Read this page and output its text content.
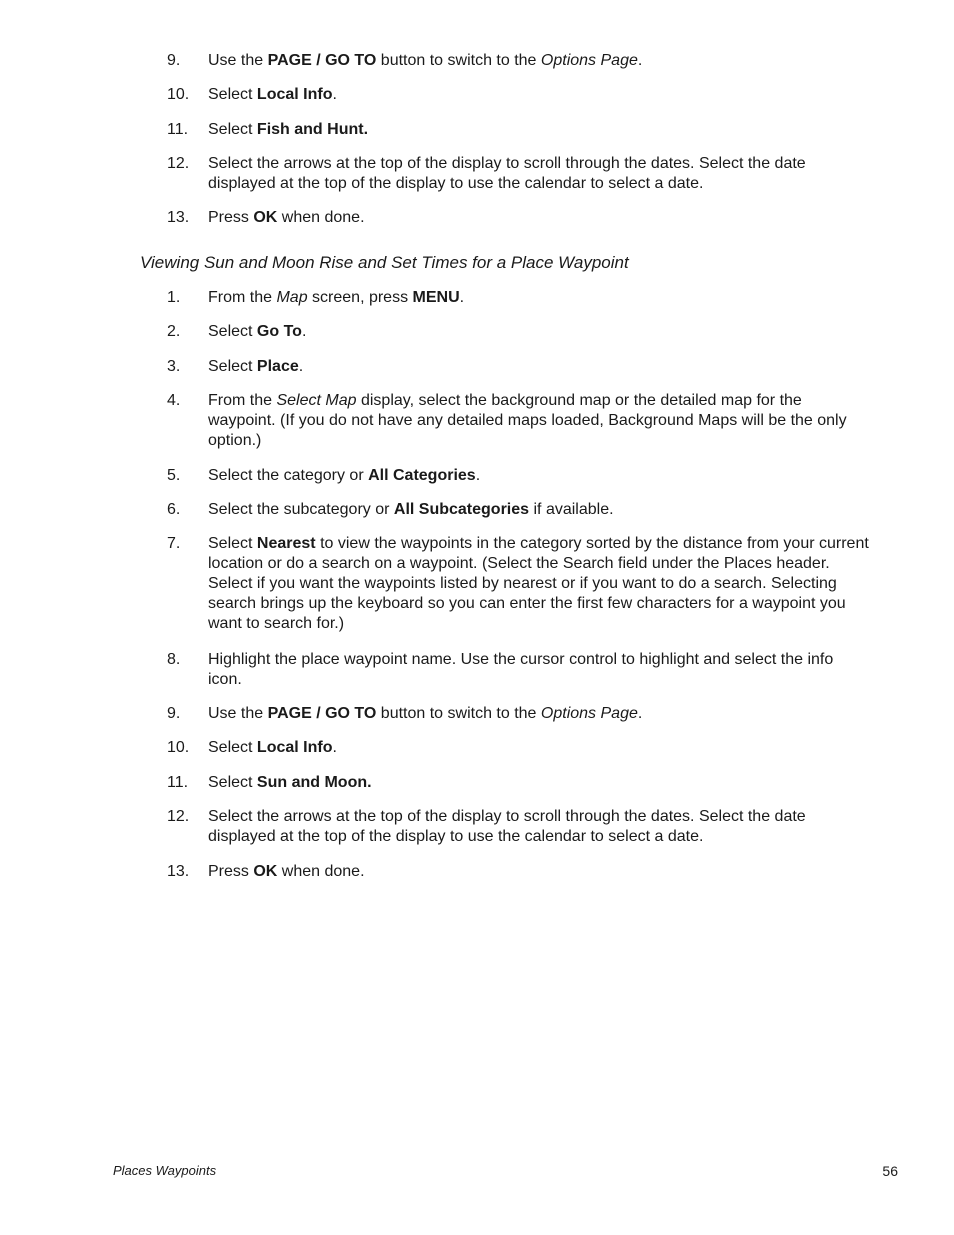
9. Use the PAGE / GO TO button to switch to the Options Page.
10. Select Local Info.
11. Select Fish and Hunt.
12. Select the arrows at the top of the display to scroll through the dates. Select the date
displayed at the top of the display to use the calendar to select a date.
13. Press OK when done.
Viewing Sun and Moon Rise and Set Times for a Place Waypoint
1. From the Map screen, press MENU.
2. Select Go To.
3. Select Place.
4. From the Select Map display, select the background map or the detailed map for the
waypoint. (If you do not have any detailed maps loaded, Background Maps will be the only
option.)
5. Select the category or All Categories.
6. Select the subcategory or All Subcategories if available.
7. Select Nearest to view the waypoints in the category sorted by the distance from your current
location or do a search on a waypoint. (Select the Search field under the Places header.
Select if you want the waypoints listed by nearest or if you want to do a search. Selecting
search brings up the keyboard so you can enter the first few characters for a waypoint you
want to search for.)
8. Highlight the place waypoint name. Use the cursor control to highlight and select the info
icon.
9. Use the PAGE / GO TO button to switch to the Options Page.
10. Select Local Info.
11. Select Sun and Moon.
12. Select the arrows at the top of the display to scroll through the dates. Select the date
displayed at the top of the display to use the calendar to select a date.
13. Press OK when done.
Places Waypoints	56
